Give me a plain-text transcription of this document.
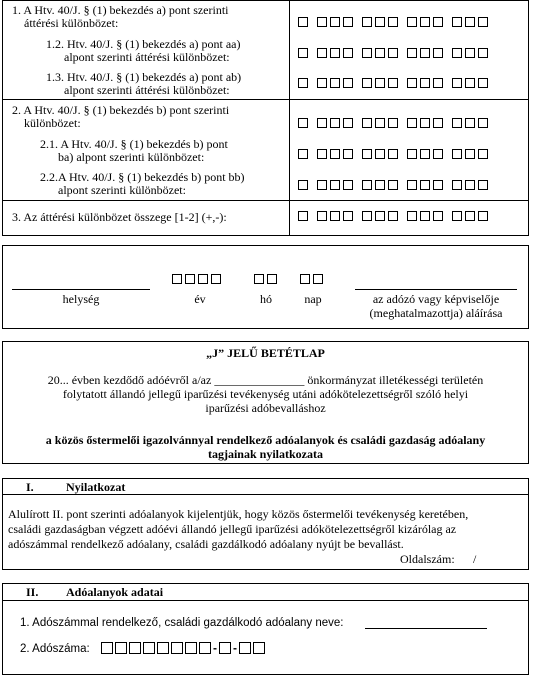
1. A Htv. 40/J. § (1) bekezdés a) pont szerinti
áttérési különbözet:
1.2. Htv. 40/J. § (1) bekezdés a) pont aa)
alpont szerinti áttérési különbözet:
1.3. Htv. 40/J. § (1) bekezdés a) pont ab)
alpont szerinti áttérési különbözet:
2. A Htv. 40/J. § (1) bekezdés b) pont szerinti
különbözet:
2.1. A Htv. 40/J. § (1) bekezdés b) pont
ba) alpont szerinti különbözet:
2.2.A Htv. 40/J. § (1) bekezdés b) pont bb)
alpont szerinti különbözet:
3. Az áttérési különbözet összege [1-2] (+,-):
helység	év	hó	nap	az adózó vagy képviselője
(meghatalmazottja) aláírása
„J” JELŰ BETÉTLAP
20... évben kezdődő adóévről a/az _______________ önkormányzat illetékességi területén
folytatott állandó jellegű iparűzési tevékenység utáni adókötelezettségről szóló helyi
iparűzési adóbevalláshoz
a közös őstermelői igazolvánnyal rendelkező adóalanyok és családi gazdaság adóalany
tagjainak nyilatkozata
I.	Nyilatkozat
Alulírott II. pont szerinti adóalanyok kijelentjük, hogy közös őstermelői tevékenység keretében,
családi gazdaságban végzett adóévi állandó jellegű iparűzési adókötelezettségről kizárólag az
adószámmal rendelkező adóalany, családi gazdálkodó adóalany nyújt be bevallást.
Oldalszám: /
II. Adóalanyok adatai
1. Adószámmal rendelkező, családi gazdálkodó adóalany neve:
2. Adószáma:	- -
